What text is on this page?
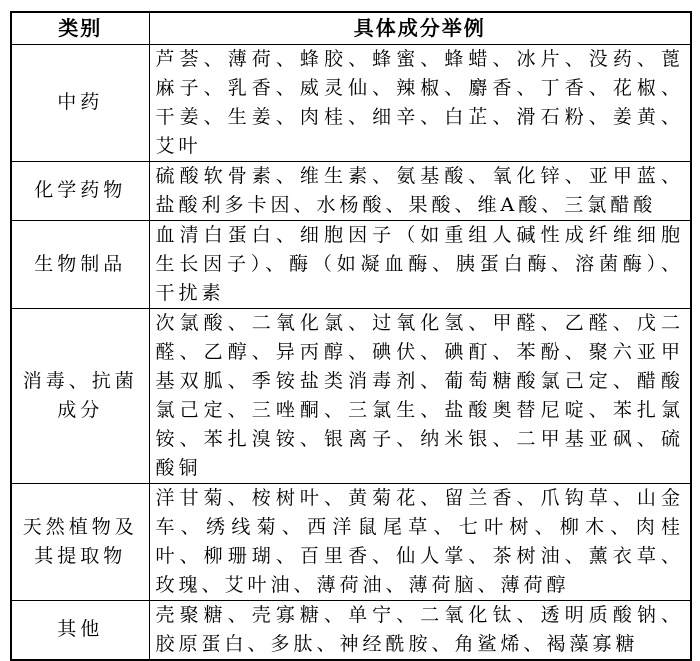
类别	具体成分举例
中药	芦荟、薄荷、蜂胶、蜂蜜、蜂蜡、冰片、没药、蓖麻子、乳香、威灵仙、辣椒、麝香、丁香、花椒、干姜、生姜、肉桂、细辛、白芷、滑石粉、姜黄、艾叶
化学药物	硫酸软骨素、维生素、氨基酸、氧化锌、亚甲蓝、盐酸利多卡因、水杨酸、果酸、维A酸、三氯醋酸
生物制品	血清白蛋白、细胞因子（如重组人碱性成纤维细胞生长因子）、酶（如凝血酶、胰蛋白酶、溶菌酶）、干扰素
消毒、抗菌成分	次氯酸、二氧化氯、过氧化氢、甲醛、乙醛、戊二醛、乙醇、异丙醇、碘伏、碘酊、苯酚、聚六亚甲基双胍、季铵盐类消毒剂、葡萄糖酸氯己定、醋酸氯己定、三唑酮、三氯生、盐酸奥替尼啶、苯扎氯铵、苯扎溴铵、银离子、纳米银、二甲基亚砜、硫酸铜
天然植物及其提取物	洋甘菊、桉树叶、黄菊花、留兰香、爪钩草、山金车、绣线菊、西洋鼠尾草、七叶树、柳木、肉桂叶、柳珊瑚、百里香、仙人掌、茶树油、薰衣草、玫瑰、艾叶油、薄荷油、薄荷脑、薄荷醇
其他	壳聚糖、壳寡糖、单宁、二氧化钛、透明质酸钠、胶原蛋白、多肽、神经酰胺、角鲨烯、褐藻寡糖
